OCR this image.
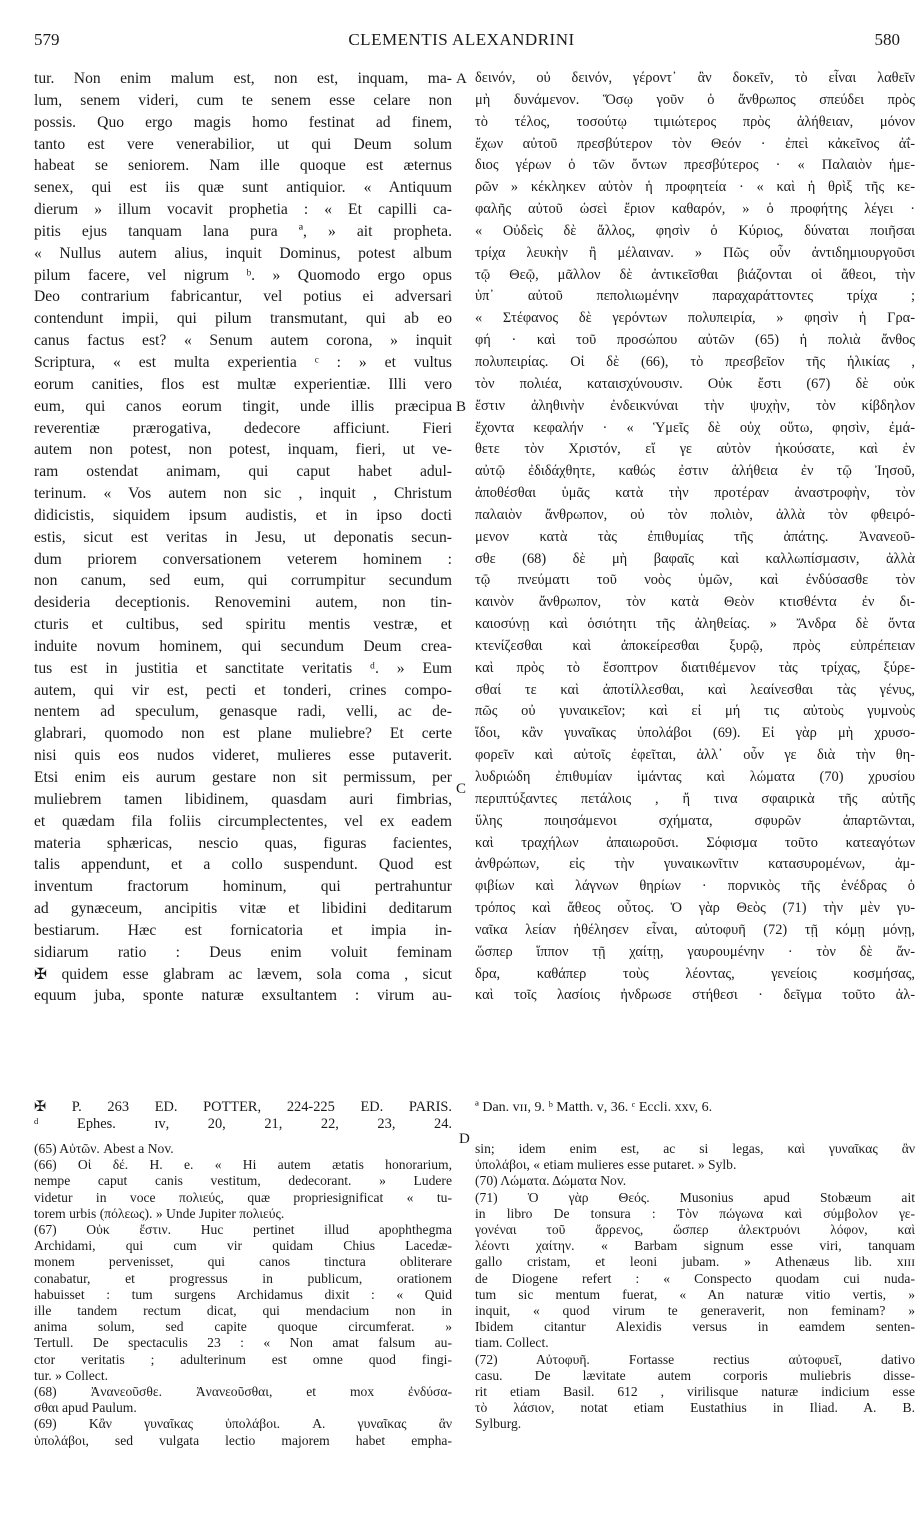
579	CLEMENTIS ALEXANDRINI	580
A
B
C
D
tur. Non enim malum est, non est, inquam, ma-
lum, senem videri, cum te senem esse celare non
possis. Quo ergo magis homo festinat ad finem,
tanto est vere venerabilior, ut qui Deum solum
habeat se seniorem. Nam ille quoque est æternus
senex, qui est iis quæ sunt antiquior. « Antiquum
dierum » illum vocavit prophetia : « Et capilli ca-
pitis ejus tanquam lana pura ª, » ait propheta.
« Nullus autem alius, inquit Dominus, potest album
pilum facere, vel nigrum ᵇ. » Quomodo ergo opus
Deo contrarium fabricantur, vel potius ei adversari
contendunt impii, qui pilum transmutant, qui ab eo
canus factus est? « Senum autem corona, » inquit
Scriptura, « est multa experientia ᶜ : » et vultus
eorum canities, flos est multæ experientiæ. Illi vero
eum, qui canos eorum tingit, unde illis præcipua
reverentiæ prærogativa, dedecore afficiunt. Fieri
autem non potest, non potest, inquam, fieri, ut ve-
ram ostendat animam, qui caput habet adul-
terinum. « Vos autem non sic , inquit , Christum
didicistis, siquidem ipsum audistis, et in ipso docti
estis, sicut est veritas in Jesu, ut deponatis secun-
dum priorem conversationem veterem hominem :
non canum, sed eum, qui corrumpitur secundum
desideria deceptionis. Renovemini autem, non tin-
cturis et cultibus, sed spiritu mentis vestræ, et
induite novum hominem, qui secundum Deum crea-
tus est in justitia et sanctitate veritatis ᵈ. » Eum
autem, qui vir est, pecti et tonderi, crines compo-
nentem ad speculum, genasque radi, velli, ac de-
glabrari, quomodo non est plane muliebre? Et certe
nisi quis eos nudos videret, mulieres esse putaverit.
Etsi enim eis aurum gestare non sit permissum, per
muliebrem tamen libidinem, quasdam auri fimbrias,
et quædam fila foliis circumplectentes, vel ex eadem
materia sphæricas, nescio quas, figuras facientes,
talis appendunt, et a collo suspendunt. Quod est
inventum fractorum hominum, qui pertrahuntur
ad gynæceum, ancipitis vitæ et libidini deditarum
bestiarum. Hæc est fornicatoria et impia in-
sidiarum ratio : Deus enim voluit feminam
✠ quidem esse glabram ac lævem, sola coma , sicut
equum juba, sponte naturæ exsultantem : virum au-
δεινόν, οὐ δεινόν, γέροντ᾽ ἂν δοκεῖν, τὸ εἶναι λαθεῖν
μὴ δυνάμενον. Ὅσῳ γοῦν ὁ ἄνθρωπος σπεύδει πρὸς
τὸ τέλος, τοσούτῳ τιμιώτερος πρὸς ἀλήθειαν, μόνον
ἔχων αὐτοῦ πρεσβύτερον τὸν Θεόν · ἐπεὶ κἀκεῖνος ἀΐ-
διος γέρων ὁ τῶν ὄντων πρεσβύτερος · « Παλαιὸν ἡμε-
ρῶν » κέκληκεν αὐτὸν ἡ προφητεία · « καὶ ἡ θρὶξ τῆς κε-
φαλῆς αὐτοῦ ὡσεὶ ἔριον καθαρόν, » ὁ προφήτης λέγει ·
« Οὐδεὶς δὲ ἄλλος, φησὶν ὁ Κύριος, δύναται ποιῆσαι
τρίχα λευκὴν ἢ μέλαιναν. » Πῶς οὖν ἀντιδημιουργοῦσι
τῷ Θεῷ, μᾶλλον δὲ ἀντικεῖσθαι βιάζονται οἱ ἄθεοι, τὴν
ὑπ᾽ αὐτοῦ πεπολιωμένην παραχαράττοντες τρίχα ;
« Στέφανος δὲ γερόντων πολυπειρία, » φησὶν ἡ Γρα-
φή · καὶ τοῦ προσώπου αὐτῶν (65) ἡ πολιὰ ἄνθος
πολυπειρίας. Οἱ δὲ (66), τὸ πρεσβεῖον τῆς ἡλικίας ,
τὸν πολιέα, καταισχύνουσιν. Οὐκ ἔστι (67) δὲ οὐκ
ἔστιν ἀληθινὴν ἐνδεικνύναι τὴν ψυχὴν, τὸν κίβδηλον
ἔχοντα κεφαλήν · « Ὑμεῖς δὲ οὐχ οὕτω, φησὶν, ἐμά-
θετε τὸν Χριστόν, εἴ γε αὐτὸν ἠκούσατε, καὶ ἐν
αὐτῷ ἐδιδάχθητε, καθώς ἐστιν ἀλήθεια ἐν τῷ Ἰησοῦ,
ἀποθέσθαι ὑμᾶς κατὰ τὴν προτέραν ἀναστροφὴν, τὸν
παλαιὸν ἄνθρωπον, οὐ τὸν πολιὸν, ἀλλὰ τὸν φθειρό-
μενον κατὰ τὰς ἐπιθυμίας τῆς ἀπάτης. Ἀνανεοῦ-
σθε (68) δὲ μὴ βαφαῖς καὶ καλλωπίσμασιν, ἀλλὰ
τῷ πνεύματι τοῦ νοὸς ὑμῶν, καὶ ἐνδύσασθε τὸν
καινὸν ἄνθρωπον, τὸν κατὰ Θεὸν κτισθέντα ἐν δι-
καιοσύνῃ καὶ ὁσιότητι τῆς ἀληθείας. » Ἄνδρα δὲ ὄντα
κτενίζεσθαι καὶ ἀποκείρεσθαι ξυρῷ, πρὸς εὐπρέπειαν
καὶ πρὸς τὸ ἔσοπτρον διατιθέμενον τὰς τρίχας, ξύρε-
σθαί τε καὶ ἀποτίλλεσθαι, καὶ λεαίνεσθαι τὰς γένυς,
πῶς οὐ γυναικεῖον; καὶ εἰ μή τις αὐτοὺς γυμνοὺς
ἴδοι, κἂν γυναῖκας ὑπολάβοι (69). Εἰ γὰρ μὴ χρυσο-
φορεῖν καὶ αὐτοῖς ἐφεῖται, ἀλλ᾽ οὖν γε διὰ τὴν θη-
λυδριώδη ἐπιθυμίαν ἱμάντας καὶ λώματα (70) χρυσίου
περιπτύξαντες πετάλοις , ἤ τινα σφαιρικὰ τῆς αὐτῆς
ὕλης ποιησάμενοι σχήματα, σφυρῶν ἀπαρτῶνται,
καὶ τραχήλων ἀπαιωροῦσι. Σόφισμα τοῦτο κατεαγότων
ἀνθρώπων, εἰς τὴν γυναικωνῖτιν κατασυρομένων, ἀμ-
φιβίων καὶ λάγνων θηρίων · πορνικὸς τῆς ἐνέδρας ὁ
τρόπος καὶ ἄθεος οὗτος. Ὁ γὰρ Θεὸς (71) τὴν μὲν γυ-
ναῖκα λείαν ἠθέλησεν εἶναι, αὐτοφυῆ (72) τῇ κόμῃ μόνῃ,
ὥσπερ ἵππον τῇ χαίτῃ, γαυρουμένην · τὸν δὲ ἄν-
δρα, καθάπερ τοὺς λέοντας, γενείοις κοσμήσας,
καὶ τοῖς λασίοις ἠνδρωσε στήθεσι · δεῖγμα τοῦτο ἀλ-
✠ P. 263 ED. POTTER, 224-225 ED. PARIS.
ᵈ Ephes. ɪᴠ, 20, 21, 22, 23, 24.
ª Dan. ᴠɪɪ, 9. ᵇ Matth. ᴠ, 36. ᶜ Eccli. xxv, 6.
(65) Αὐτῶν. Abest a Nov.
(66) Οἱ δέ. H. e. « Hi autem ætatis honorarium,
nempe caput canis vestitum, dedecorant. » Ludere
videtur in voce πολιεύς, quæ propriesignificat « tu-
torem urbis (πόλεως). » Unde Jupiter πολιεύς.
(67) Οὐκ ἔστιν. Huc pertinet illud apophthegma
Archidami, qui cum vir quidam Chius Lacedæ-
monem pervenisset, qui canos tinctura obliterare
conabatur, et progressus in publicum, orationem
habuisset : tum surgens Archidamus dixit : « Quid
ille tandem rectum dicat, qui mendacium non in
anima solum, sed capite quoque circumferat. »
Tertull. De spectaculis 23 : « Non amat falsum au-
ctor veritatis ; adulterinum est omne quod fingi-
tur. » Collect.
(68) Ἀνανεοῦσθε. Ἀνανεοῦσθαι, et mox ἐνδύσα-
σθαι apud Paulum.
(69) Κἂν γυναῖκας ὑπολάβοι. A. γυναῖκας ἂν
ὑπολάβοι, sed vulgata lectio majorem habet empha-
sin; idem enim est, ac si legas, καὶ γυναῖκας ἂν
ὑπολάβοι, « etiam mulieres esse putaret. » Sylb.
(70) Λώματα. Δώματα Nov.
(71) Ὁ γὰρ Θεός. Musonius apud Stobæum ait
in libro De tonsura : Τὸν πώγωνα καὶ σύμβολον γε-
γονέναι τοῦ ἄρρενος, ὥσπερ ἀλεκτρυόνι λόφον, καὶ
λέοντι χαίτην. « Barbam signum esse viri, tanquam
gallo cristam, et leoni jubam. » Athenæus lib. xɪɪɪ
de Diogene refert : « Conspecto quodam cui nuda-
tum sic mentum fuerat, « An naturæ vitio vertis, »
inquit, « quod virum te generaverit, non feminam? »
Ibidem citantur Alexidis versus in eamdem senten-
tiam. Collect.
(72) Αὐτοφυῆ. Fortasse rectius αὐτοφυεῖ, dativo
casu. De lævitate autem corporis muliebris disse-
rit etiam Basil. 612 , virilisque naturæ indicium esse
τὸ λάσιον, notat etiam Eustathius in Iliad. A. B.
Sylburg.
